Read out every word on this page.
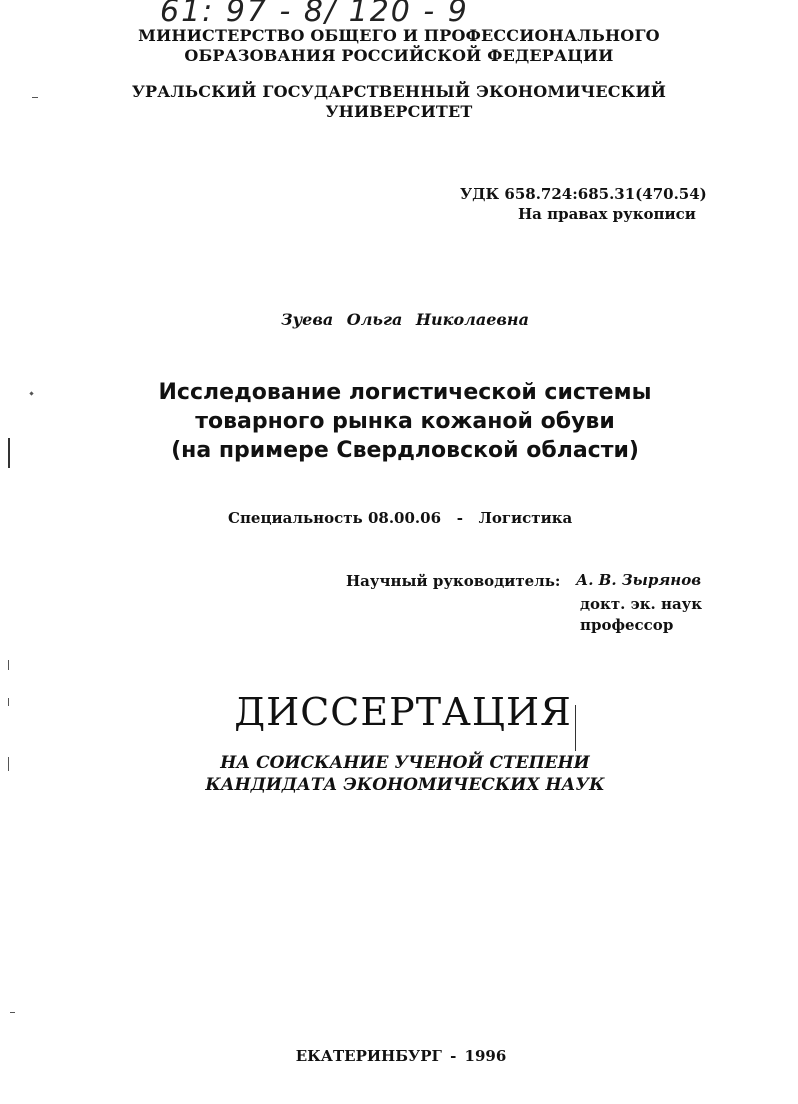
61: 97 - 8/ 120 - 9
МИНИСТЕРСТВО ОБЩЕГО И ПРОФЕССИОНАЛЬНОГО
ОБРАЗОВАНИЯ РОССИЙСКОЙ ФЕДЕРАЦИИ
УРАЛЬСКИЙ ГОСУДАРСТВЕННЫЙ ЭКОНОМИЧЕСКИЙ
УНИВЕРСИТЕТ
УДК 658.724:685.31(470.54)
На правах рукописи
Зуева Ольга Николаевна
Исследование логистической системы
товарного рынка кожаной обуви
(на примере Свердловской области)
Специальность 08.00.06   -   Логистика
Научный руководитель: А. В. Зырянов
докт. эк. наук
профессор
ДИССЕРТАЦИЯ
НА СОИСКАНИЕ УЧЕНОЙ СТЕПЕНИ
КАНДИДАТА ЭКОНОМИЧЕСКИХ НАУК
ЕКАТЕРИНБУРГ - 1996
